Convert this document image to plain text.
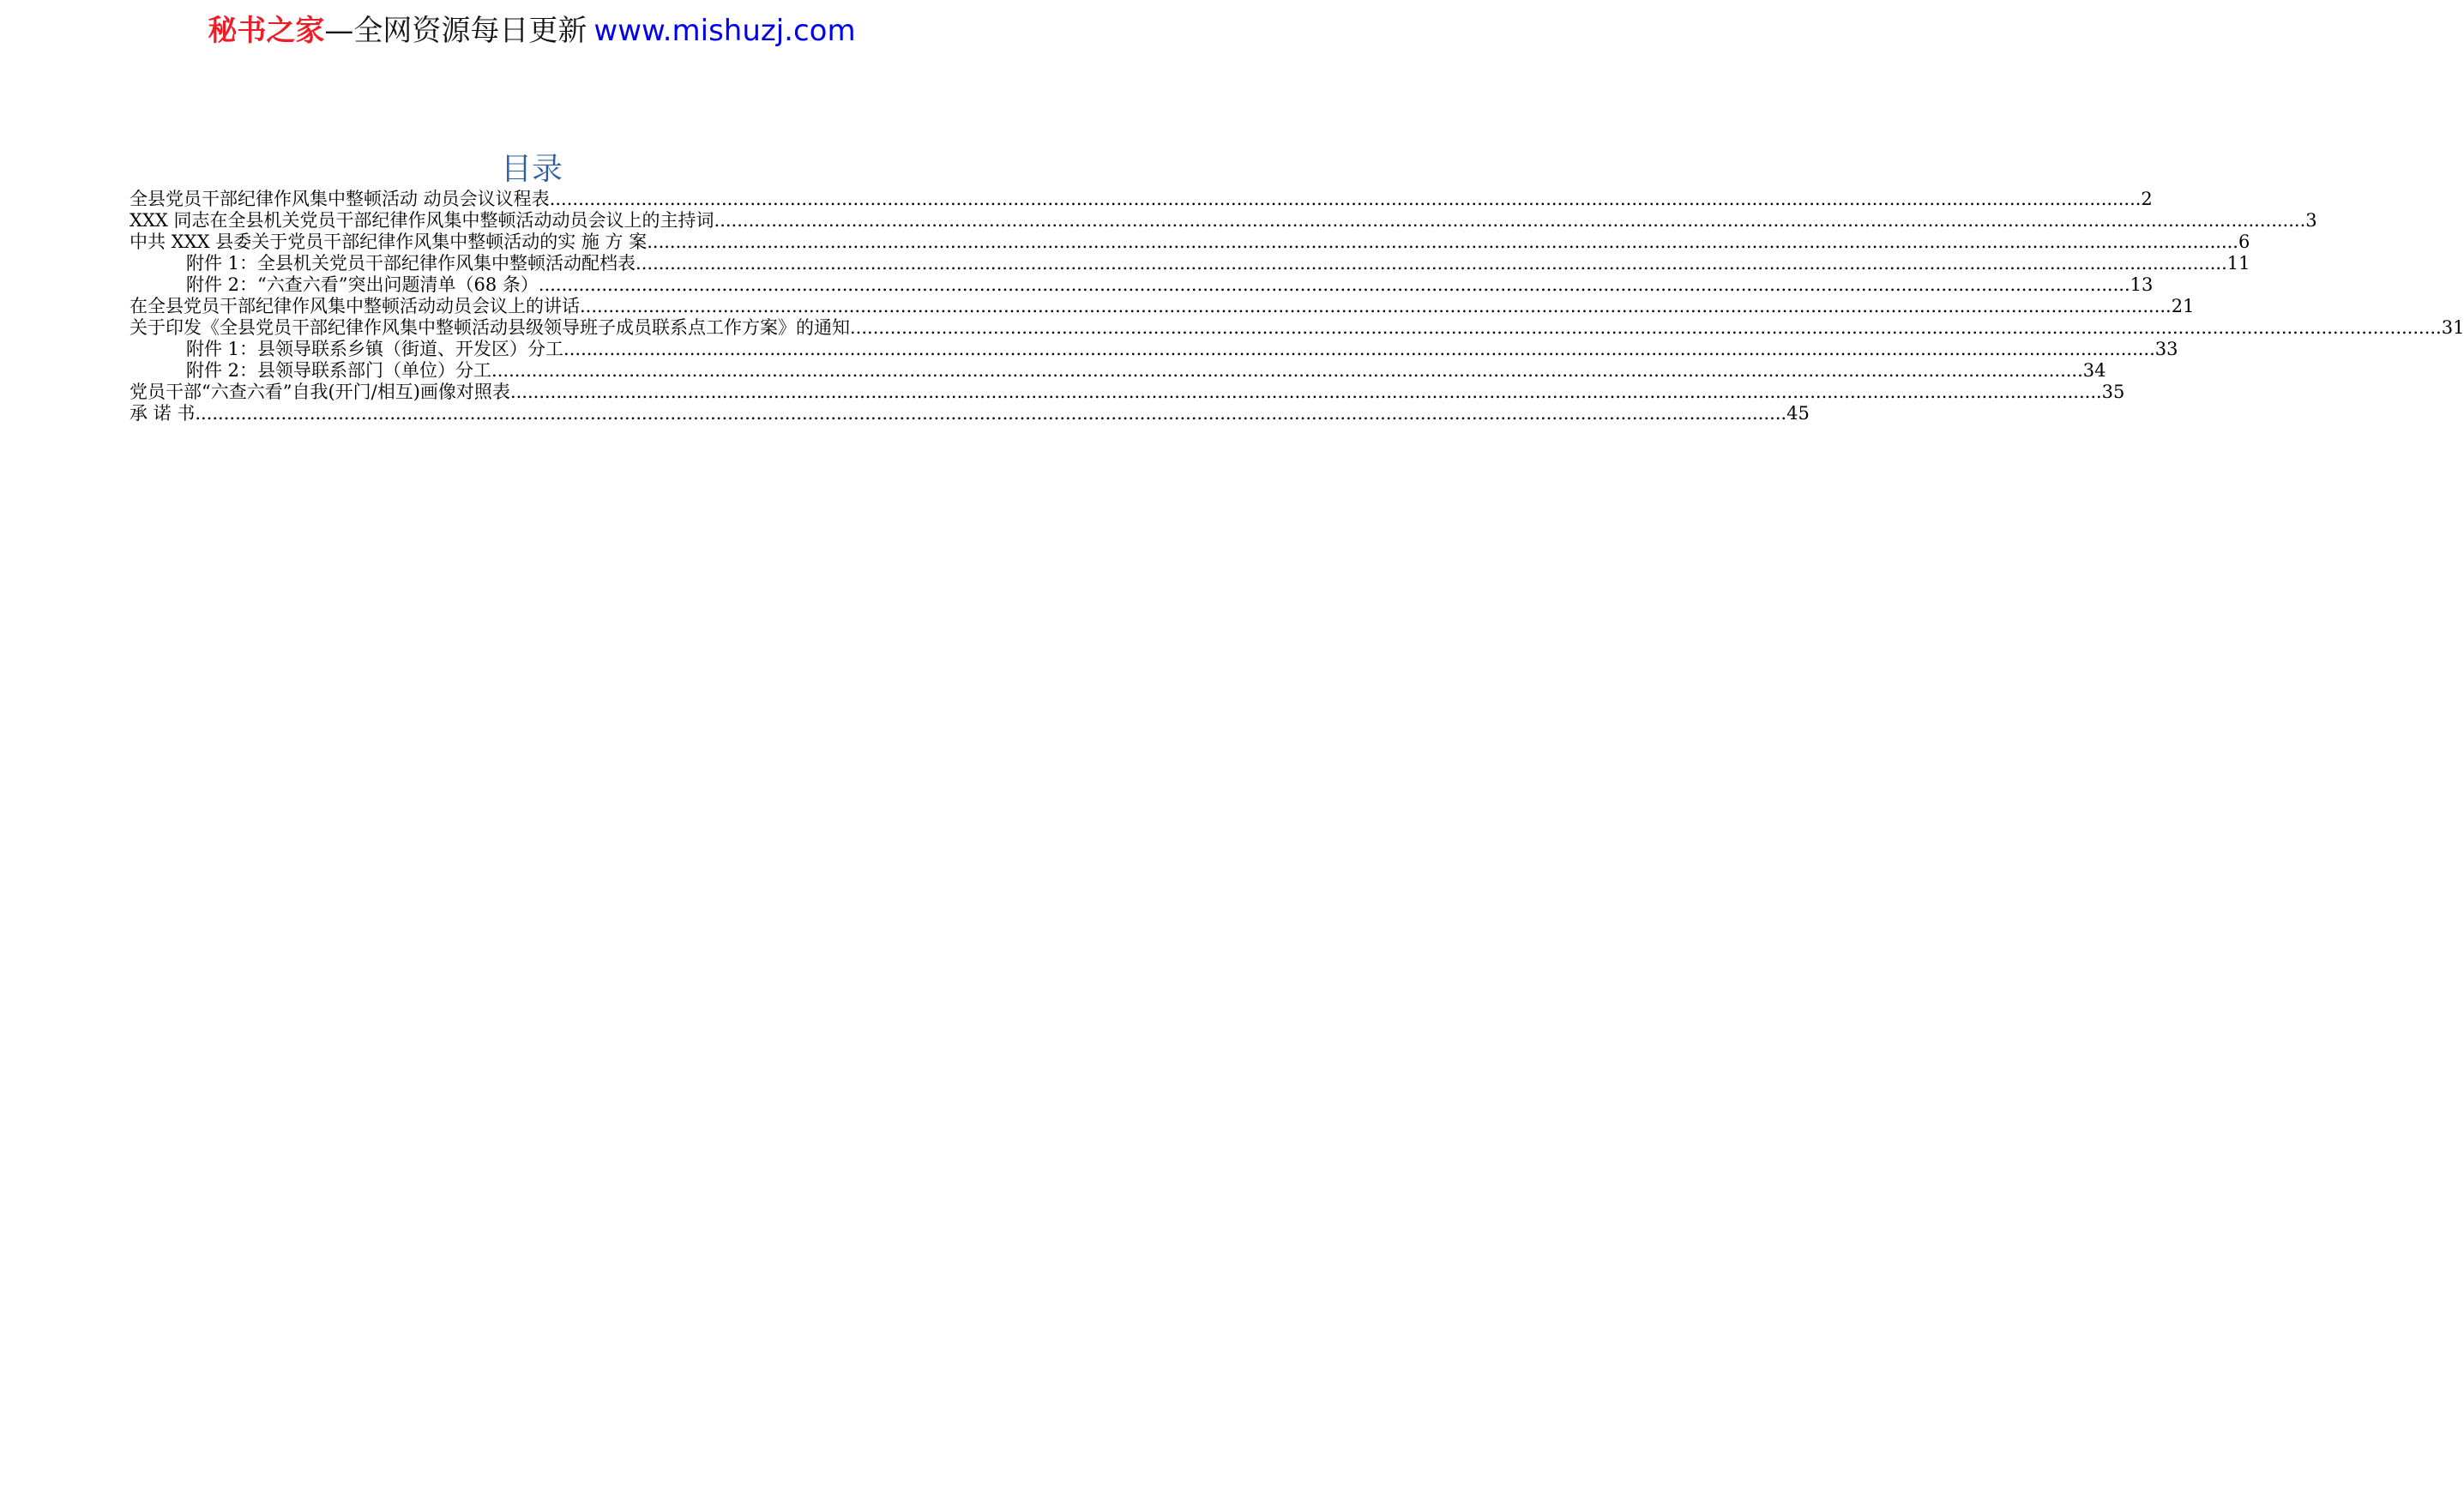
秘书之家—全网资源每日更新 www.mishuzj.com
目录
全县党员干部纪律作风集中整顿活动 动员会议议程表 .....	2
XXX 同志在全县机关党员干部纪律作风集中整顿活动动员会议上的主持词 .....	3
中共 XXX 县委关于党员干部纪律作风集中整顿活动的实 施 方 案 .....	6
附件 1：全县机关党员干部纪律作风集中整顿活动配档表 .....	11
附件 2：“六查六看”突出问题清单（68 条） .....	13
在全县党员干部纪律作风集中整顿活动动员会议上的讲话 .....	21
关于印发《全县党员干部纪律作风集中整顿活动县级领导班子成员联系点工作方案》的通知 .....	31
附件 1：县领导联系乡镇（街道、开发区）分工 .....	33
附件 2：县领导联系部门（单位）分工 .....	34
党员干部“六查六看”自我(开门/相互)画像对照表 .....	35
承 诺 书 .....	45
